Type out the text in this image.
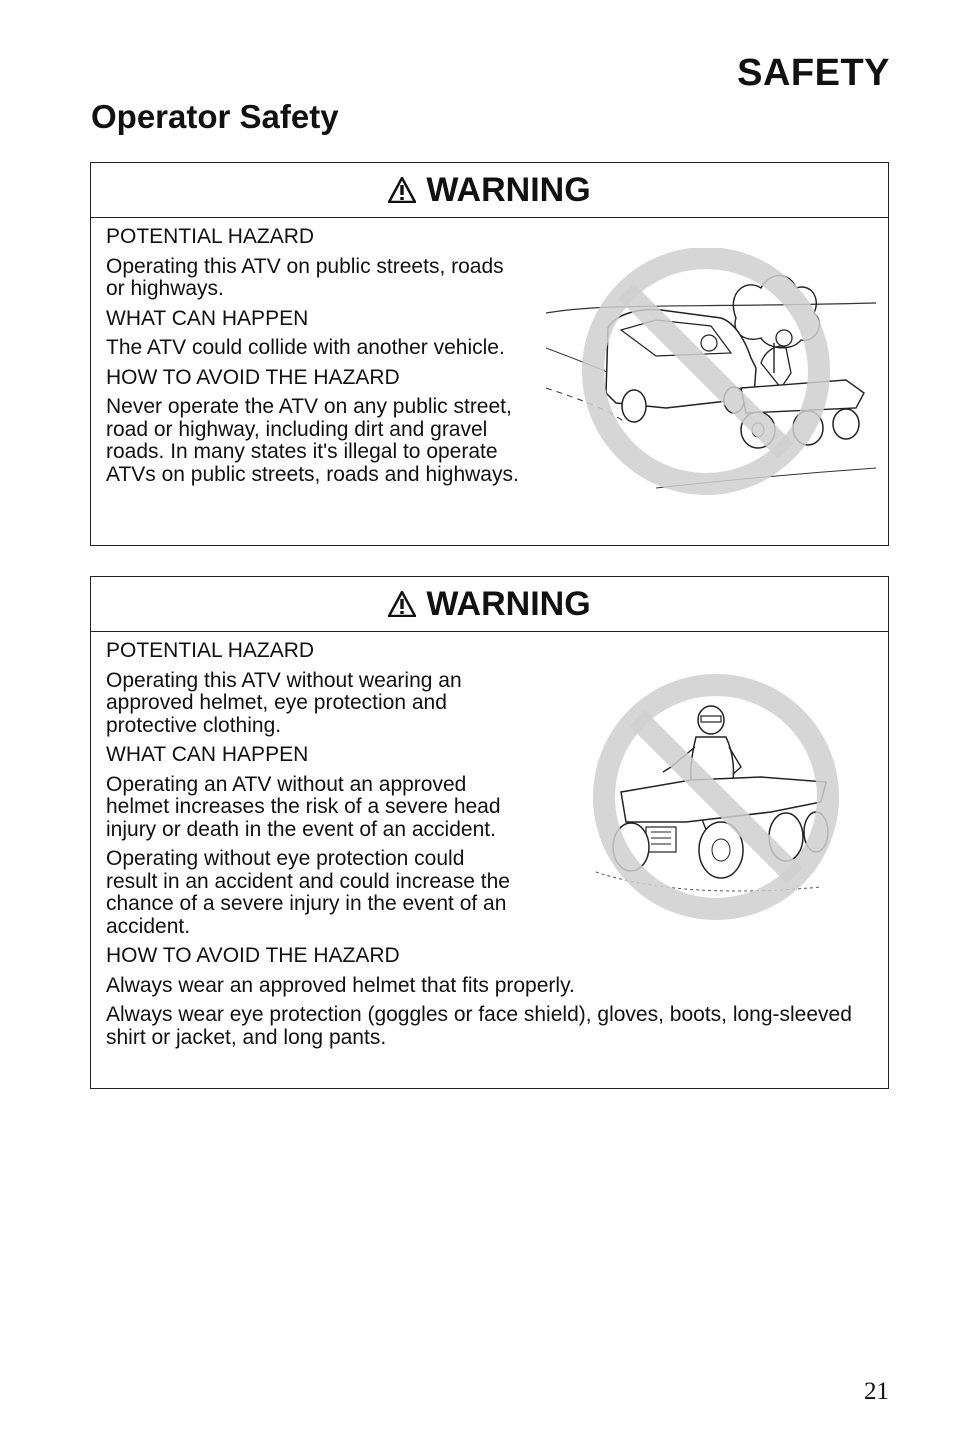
SAFETY
Operator Safety
WARNING

POTENTIAL HAZARD

Operating this ATV on public streets, roads or highways.

WHAT CAN HAPPEN

The ATV could collide with another vehicle.

HOW TO AVOID THE HAZARD

Never operate the ATV on any public street, road or highway, including dirt and gravel roads. In many states it's illegal to operate ATVs on public streets, roads and highways.

WARNING

POTENTIAL HAZARD

Operating this ATV without wearing an approved helmet, eye protection and protective clothing.

WHAT CAN HAPPEN

Operating an ATV without an approved helmet increases the risk of a severe head injury or death in the event of an accident.

Operating without eye protection could result in an accident and could increase the chance of a severe injury in the event of an accident.

HOW TO AVOID THE HAZARD

Always wear an approved helmet that fits properly.

Always wear eye protection (goggles or face shield), gloves, boots, long-sleeved shirt or jacket, and long pants.

21
